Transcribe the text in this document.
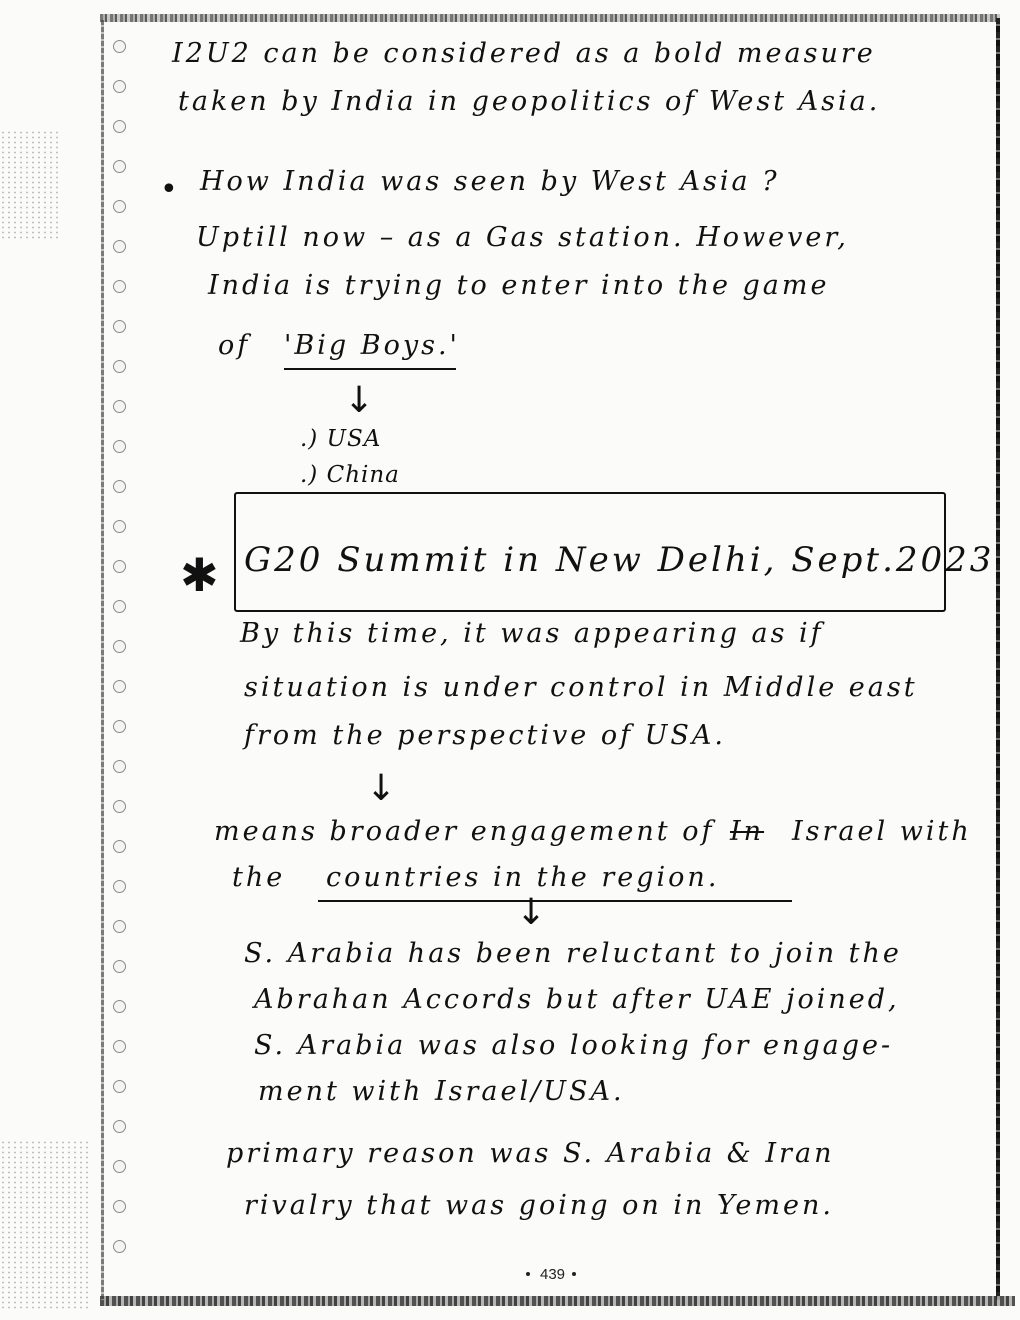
I2U2 can be considered as a bold measure
taken by India in geopolitics of West Asia.
• How India was seen by West Asia ?
Uptill now – as a Gas station. However,
India is trying to enter into the game
of 'Big Boys.'
↓
.) USA
.) China
✱ G20 Summit in New Delhi, Sept.2023
By this time, it was appearing as if
situation is under control in Middle east
from the perspective of USA.
↓
means broader engagement of In Israel with
the countries in the region.
↓
S. Arabia has been reluctant to join the
Abrahan Accords but after UAE joined,
S. Arabia was also looking for engage-
ment with Israel/USA.
primary reason was S. Arabia & Iran
rivalry that was going on in Yemen.
439
